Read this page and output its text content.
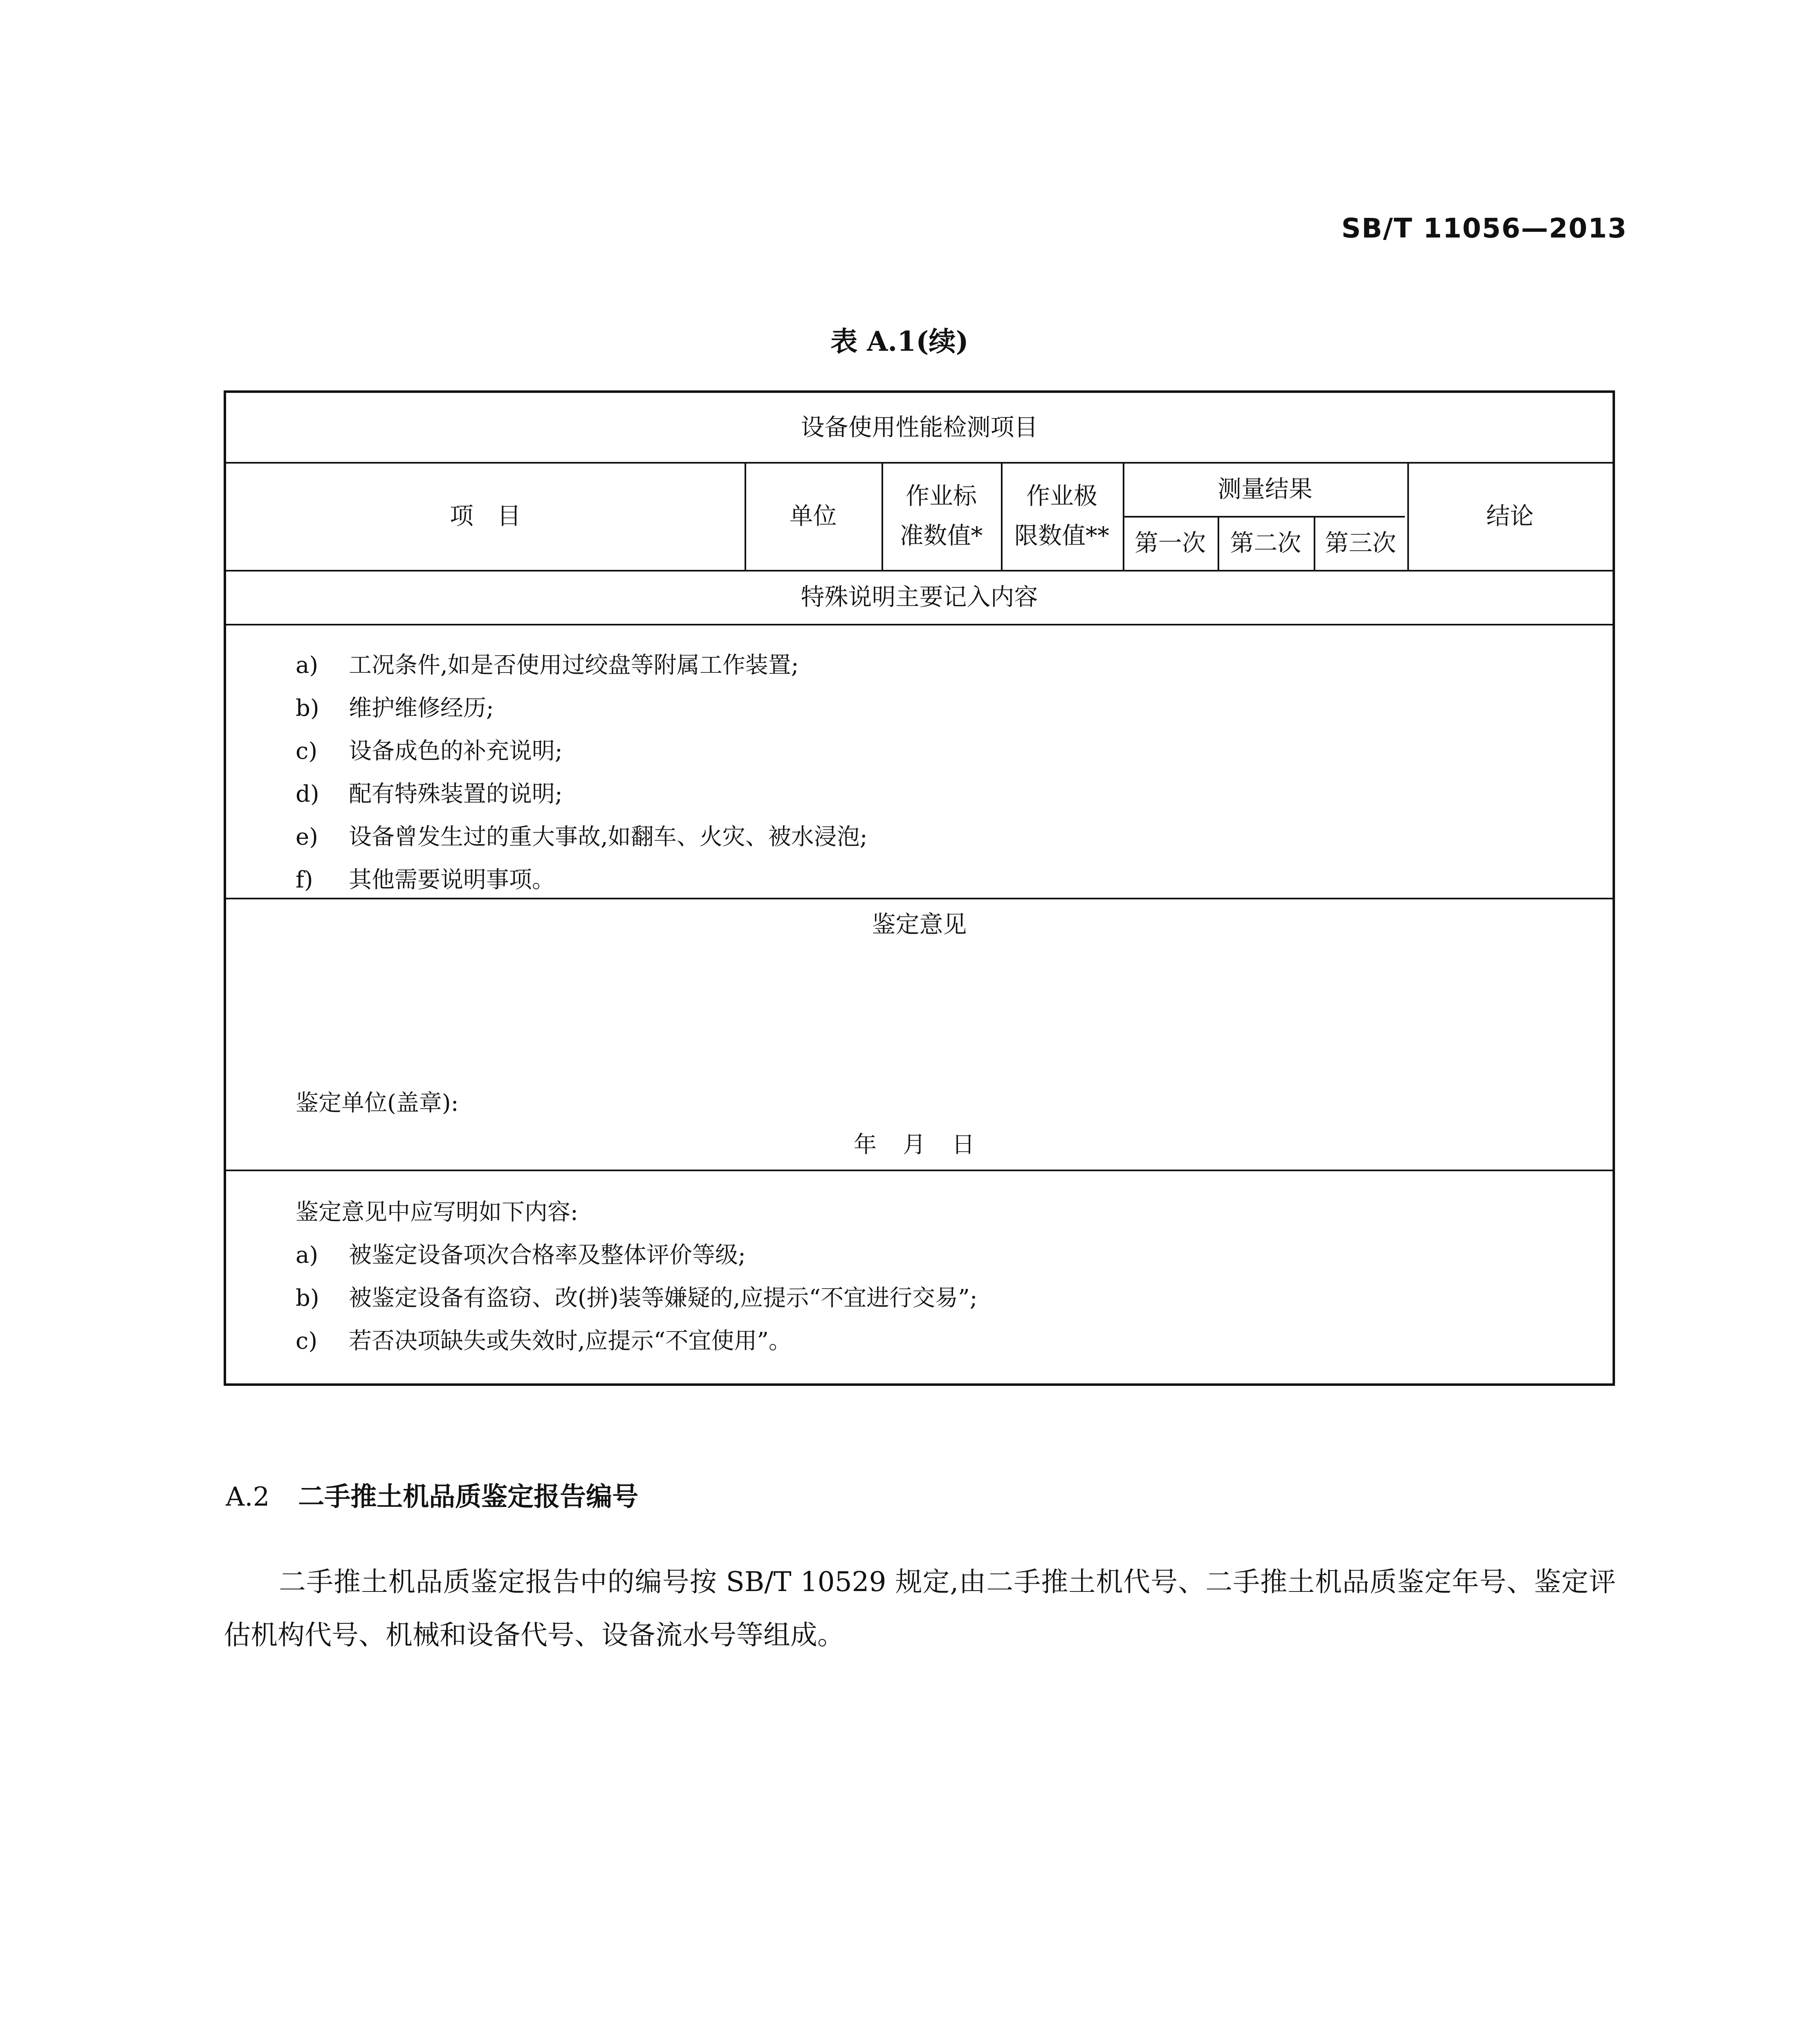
SB/T 11056—2013
表 A.1(续)
设备使用性能检测项目
项　目	单位
作业标
准数值*
作业极
限数值**
测量结果
第一次	第二次 第三次
结论
特殊说明主要记入内容
a) 工况条件,如是否使用过绞盘等附属工作装置;
b) 维护维修经历;
c) 设备成色的补充说明;
d) 配有特殊装置的说明;
e) 设备曾发生过的重大事故,如翻车、火灾、被水浸泡;
f) 其他需要说明事项。
鉴定意见
鉴定单位(盖章):
年　月　日
鉴定意见中应写明如下内容:
a) 被鉴定设备项次合格率及整体评价等级;
b) 被鉴定设备有盗窃、改(拼)装等嫌疑的,应提示“不宜进行交易”;
c) 若否决项缺失或失效时,应提示“不宜使用”。
A.2 二手推土机品质鉴定报告编号
二手推土机品质鉴定报告中的编号按 SB/T 10529 规定,由二手推土机代号、二手推土机品质鉴定年号、鉴定评估机构代号、机械和设备代号、设备流水号等组成。
